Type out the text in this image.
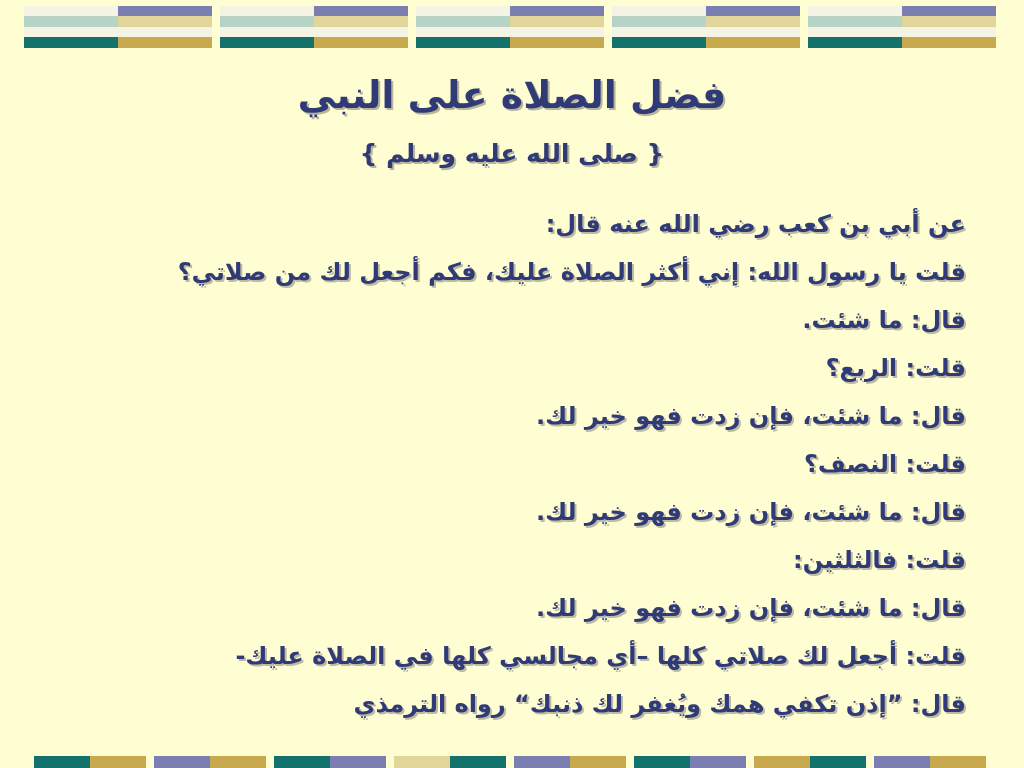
فضل الصلاة على النبي
{ صلى الله عليه وسلم }
عن أبي بن كعب رضي الله عنه قال:
قلت يا رسول الله: إني أكثر الصلاة عليك، فكم أجعل لك من صلاتي؟
قال: ما شئت.
قلت: الربع؟
قال: ما شئت، فإن زدت فهو خير لك.
قلت: النصف؟
قال: ما شئت، فإن زدت فهو خير لك.
قلت: فالثلثين:
قال: ما شئت، فإن زدت فهو خير لك.
قلت: أجعل لك صلاتي كلها –أي مجالسي كلها في الصلاة عليك-
قال: ”إذن تكفي همك ويُغفر لك ذنبك“ رواه الترمذي
